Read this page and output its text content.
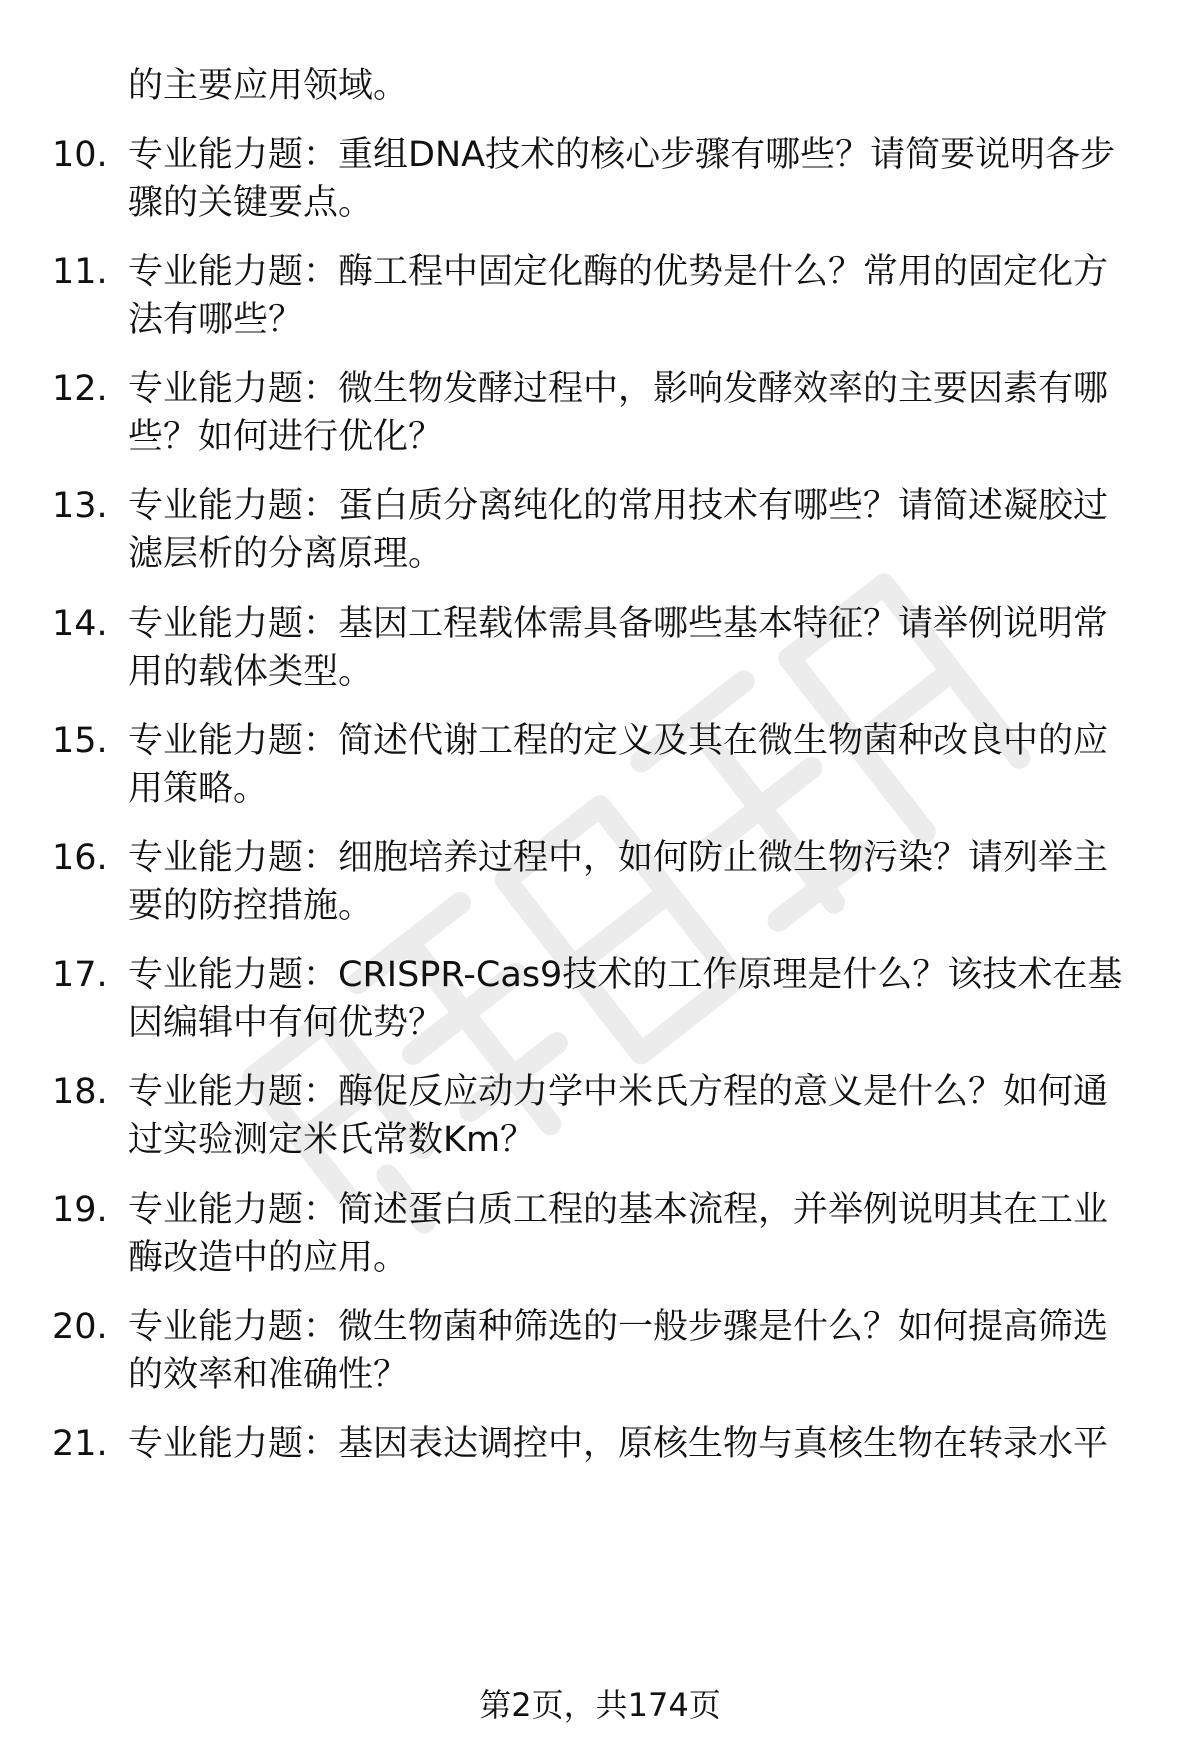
的主要应用领域。

10. 专业能力题：重组DNA技术的核心步骤有哪些？请简要说明各步
骤的关键要点。

11. 专业能力题：酶工程中固定化酶的优势是什么？常用的固定化方
法有哪些？

12. 专业能力题：微生物发酵过程中，影响发酵效率的主要因素有哪
些？如何进行优化？

13. 专业能力题：蛋白质分离纯化的常用技术有哪些？请简述凝胶过
滤层析的分离原理。

14. 专业能力题：基因工程载体需具备哪些基本特征？请举例说明常
用的载体类型。

15. 专业能力题：简述代谢工程的定义及其在微生物菌种改良中的应
用策略。

16. 专业能力题：细胞培养过程中，如何防止微生物污染？请列举主
要的防控措施。

17. 专业能力题：CRISPR-Cas9技术的工作原理是什么？该技术在基
因编辑中有何优势？

18. 专业能力题：酶促反应动力学中米氏方程的意义是什么？如何通
过实验测定米氏常数Km？

19. 专业能力题：简述蛋白质工程的基本流程，并举例说明其在工业
酶改造中的应用。

20. 专业能力题：微生物菌种筛选的一般步骤是什么？如何提高筛选
的效率和准确性？

21. 专业能力题：基因表达调控中，原核生物与真核生物在转录水平

第2页，共174页
